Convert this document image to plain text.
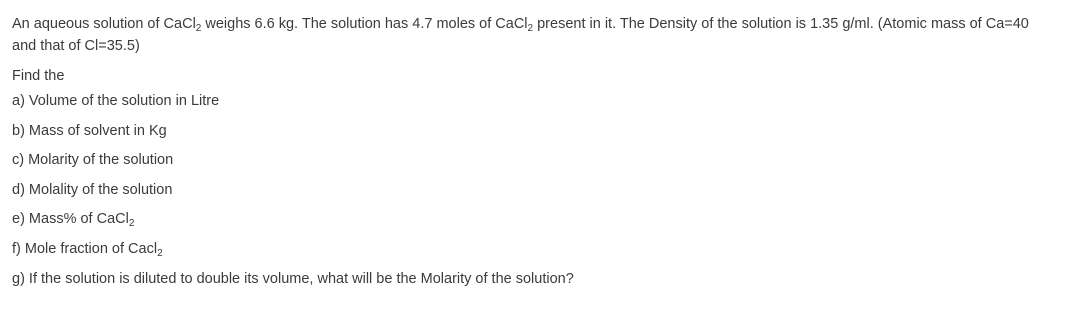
An aqueous solution of CaCl$_2$ weighs 6.6 kg. The solution has 4.7 moles of CaCl$_2$ present in it. The Density of the solution is 1.35 g/ml. (Atomic mass of Ca=40 and that of Cl=35.5)

Find the

a) Volume of the solution in Litre
b) Mass of solvent in Kg
c) Molarity of the solution
d) Molality of the solution
e) Mass% of CaCl$_2$
f) Mole fraction of Cacl$_2$
g) If the solution is diluted to double its volume, what will be the Molarity of the solution?
